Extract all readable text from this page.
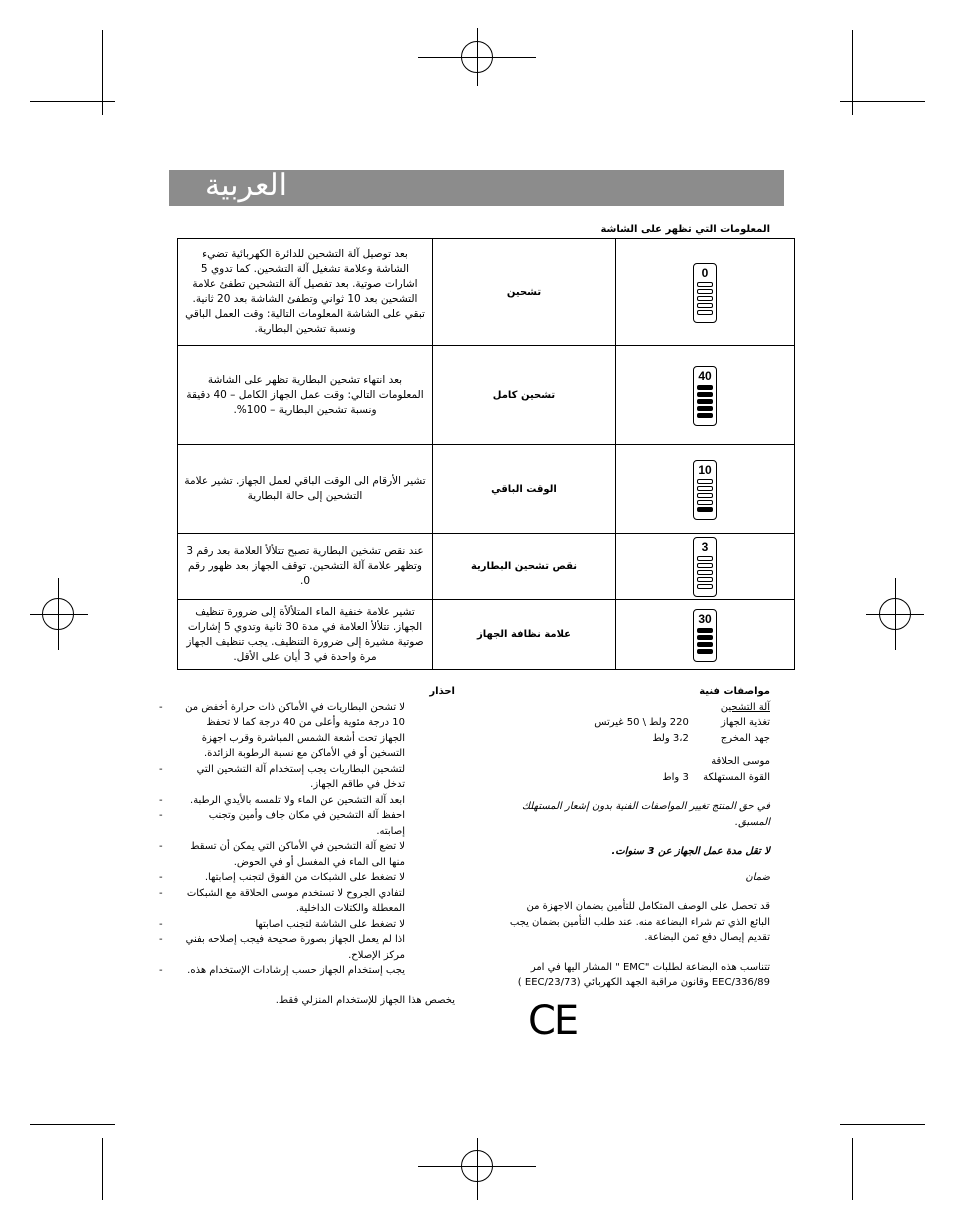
العربية
المعلومات التي تظهر على الشاشة
بعد توصيل آلة التشحين للدائرة الكهربائية تضيء الشاشة وعلامة تشغيل آلة التشحين. كما تدوي 5 اشارات صوتية. بعد تفصيل آلة التشحين تطفئ علامة التشحين بعد 10 ثواني وتطفئ الشاشة بعد 20 ثانية. تبقي على الشاشة المعلومات التالية: وقت العمل الباقي ونسبة تشحين البطارية.	تشحين	0

بعد انتهاء تشحين البطارية تظهر على الشاشة المعلومات التالي: وقت عمل الجهاز الكامل – 40 دقيقة ونسبة تشحين البطارية – 100%.	تشحين كامل	40

تشير الأرقام الى الوقت الباقي لعمل الجهاز. تشير علامة التشحين إلى حالة البطارية	الوقت الباقي	10

عند نقص تشخين البطارية تصبح تتلألأ العلامة بعد رقم 3 وتظهر علامة آلة التشحين. توقف الجهاز بعد ظهور رقم 0.	نقص تشحين البطارية	3

تشير علامة خنفية الماء المتلألأة إلى ضرورة تنظيف الجهاز. تتلألأ العلامة في مدة 30 ثانية وتدوي 5 إشارات صوتية مشيرة إلى ضرورة التنظيف. يجب تنظيف الجهاز مرة واحدة في 3 أيان على الأقل.	علامة نظافة الجهاز	30
مواصفات فنية
آلة التشحين
تغذية الجهاز 220 ولط \ 50 غيرتس
جهد المخرج 3،2 ولط
موسى الحلاقة
القوة المستهلكة 3 واط
في حق المنتج تغيير المواصفات الفنية بدون إشعار المستهلك المسبق.
لا تقل مدة عمل الجهاز عن 3 سنوات.
ضمان
قد تحصل على الوصف المتكامل للتأمين بضمان الاجهزة من البائع الذي تم شراء البضاعة منه. عند طلب التأمين بضمان يجب تقديم إيصال دفع ثمن البضاعة.
تتناسب هذه البضاعة لطلبات "EMC " المشار اليها في امر
EEC/336/89 وقانون مراقبة الجهد الكهربائي (EEC/23/73 )
CE
احذار
- لا تشحن البطاريات في الأماكن ذات حرارة أخفض من 10 درجة مئوية وأعلى من 40 درجة كما لا تحفظ الجهاز تحت أشعة الشمس المباشرة وقرب اجهزة التسخين أو في الأماكن مع نسبة الرطوبة الزائدة.
-	لتشحين البطاريات يجب إستخدام آلة التشحين التي تدخل في طاقم الجهاز.
-	ابعد آلة التشحين عن الماء ولا تلمسه بالأيدي الرطبة.
-	احفظ آلة التشحين في مكان جاف وأمين وتجنب إصابته.
-	لا تضع آلة التشحين في الأماكن التي يمكن أن تسقط منها الى الماء في المغسل أو في الحوض.
-	لا تضغط على الشبكات من الفوق لتجنب إصابتها.
- لتفادي الجروح لا تستخدم موسى الحلاقة مع الشبكات المعطلة والكتلات الداخلية.
-	لا تضغط على الشاشة لتجنب اصابتها
- اذا لم يعمل الجهاز بصورة صحيحة فيجب إصلاحه بفني مركز الإصلاح.
- يجب إستخدام الجهاز حسب إرشادات الإستخدام هذه.
يخصص هذا الجهاز للإستخدام المنزلي فقط.
